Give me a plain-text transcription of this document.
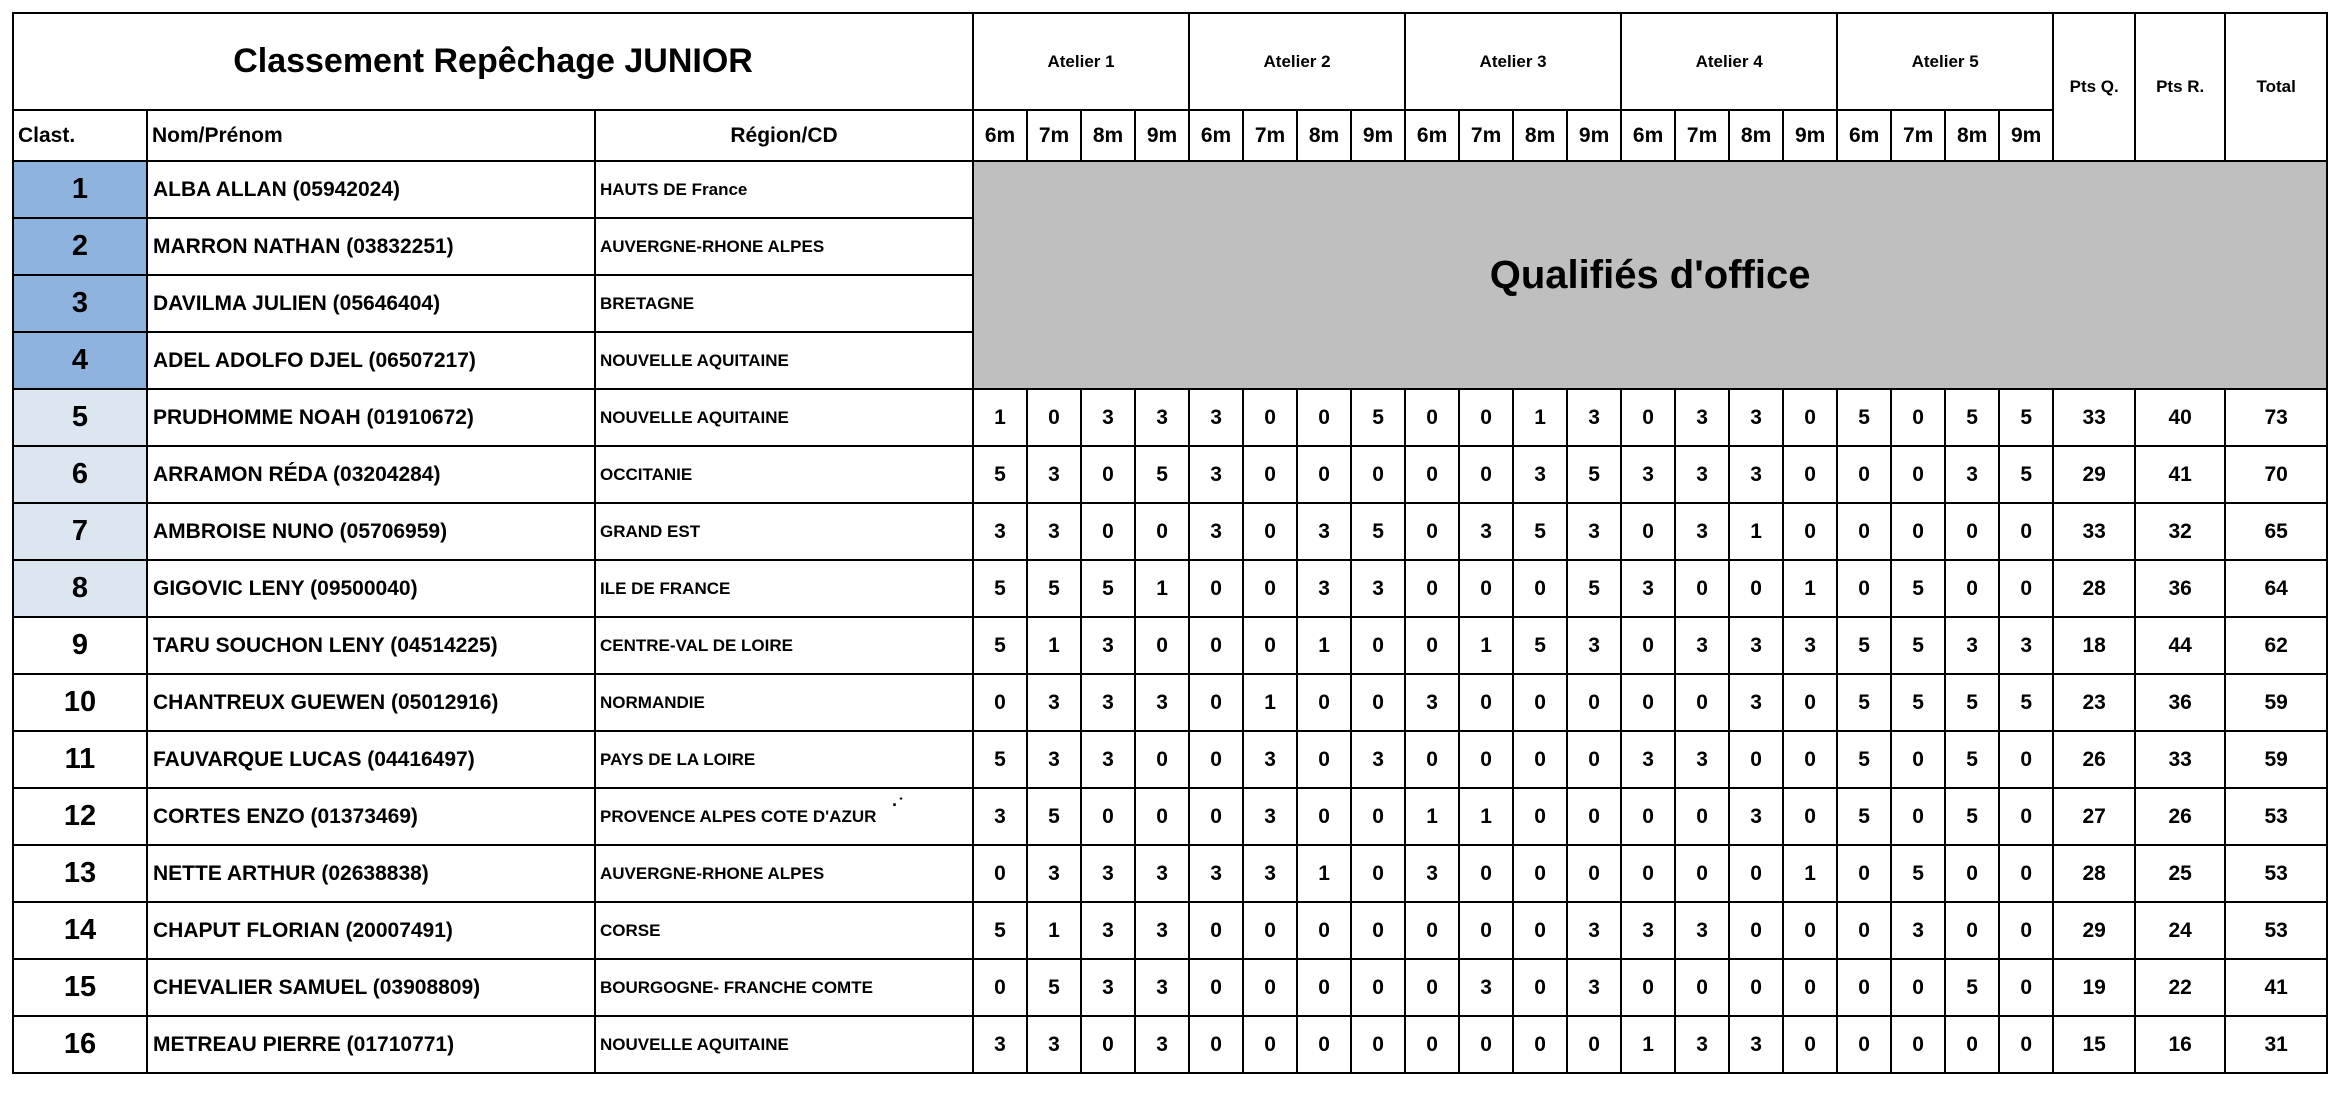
Classement Repêchage JUNIOR			Atelier 1				Atelier 2				Atelier 3				Atelier 4				Atelier 5				Pts Q.	Pts R.	Total
Clast.	Nom/Prénom	Région/CD	6m	7m	8m	9m	6m	7m	8m	9m	6m	7m	8m	9m	6m	7m	8m	9m	6m	7m	8m	9m			
1	ALBA ALLAN (05942024)	HAUTS DE France	Qualifiés d'office																						
2	MARRON NATHAN (03832251)	AUVERGNE-RHONE ALPES																							
3	DAVILMA JULIEN (05646404)	BRETAGNE																							
4	ADEL ADOLFO DJEL (06507217)	NOUVELLE AQUITAINE																							
5	PRUDHOMME NOAH (01910672)	NOUVELLE AQUITAINE	1	0	3	3	3	0	0	5	0	0	1	3	0	3	3	0	5	0	5	5	33	40	73
6	ARRAMON RÉDA (03204284)	OCCITANIE	5	3	0	5	3	0	0	0	0	0	3	5	3	3	3	0	0	0	3	5	29	41	70
7	AMBROISE NUNO (05706959)	GRAND EST	3	3	0	0	3	0	3	5	0	3	5	3	0	3	1	0	0	0	0	0	33	32	65
8	GIGOVIC LENY (09500040)	ILE DE FRANCE	5	5	5	1	0	0	3	3	0	0	0	5	3	0	0	1	0	5	0	0	28	36	64
9	TARU SOUCHON LENY (04514225)	CENTRE-VAL DE LOIRE	5	1	3	0	0	0	1	0	0	1	5	3	0	3	3	3	5	5	3	3	18	44	62
10	CHANTREUX GUEWEN (05012916)	NORMANDIE	0	3	3	3	0	1	0	0	3	0	0	0	0	0	3	0	5	5	5	5	23	36	59
11	FAUVARQUE LUCAS (04416497)	PAYS DE LA LOIRE	5	3	3	0	0	3	0	3	0	0	0	0	3	3	0	0	5	0	5	0	26	33	59
12	CORTES ENZO (01373469)	PROVENCE ALPES COTE D'AZUR	3	5	0	0	0	3	0	0	1	1	0	0	0	0	3	0	5	0	5	0	27	26	53
13	NETTE ARTHUR (02638838)	AUVERGNE-RHONE ALPES	0	3	3	3	3	3	1	0	3	0	0	0	0	0	0	1	0	5	0	0	28	25	53
14	CHAPUT FLORIAN (20007491)	CORSE	5	1	3	3	0	0	0	0	0	0	0	3	3	3	0	0	0	3	0	0	29	24	53
15	CHEVALIER SAMUEL (03908809)	BOURGOGNE- FRANCHE COMTE	0	5	3	3	0	0	0	0	0	3	0	3	0	0	0	0	0	0	5	0	19	22	41
16	METREAU PIERRE (01710771)	NOUVELLE AQUITAINE	3	3	0	3	0	0	0	0	0	0	0	0	1	3	3	0	0	0	0	0	15	16	31
·˙
